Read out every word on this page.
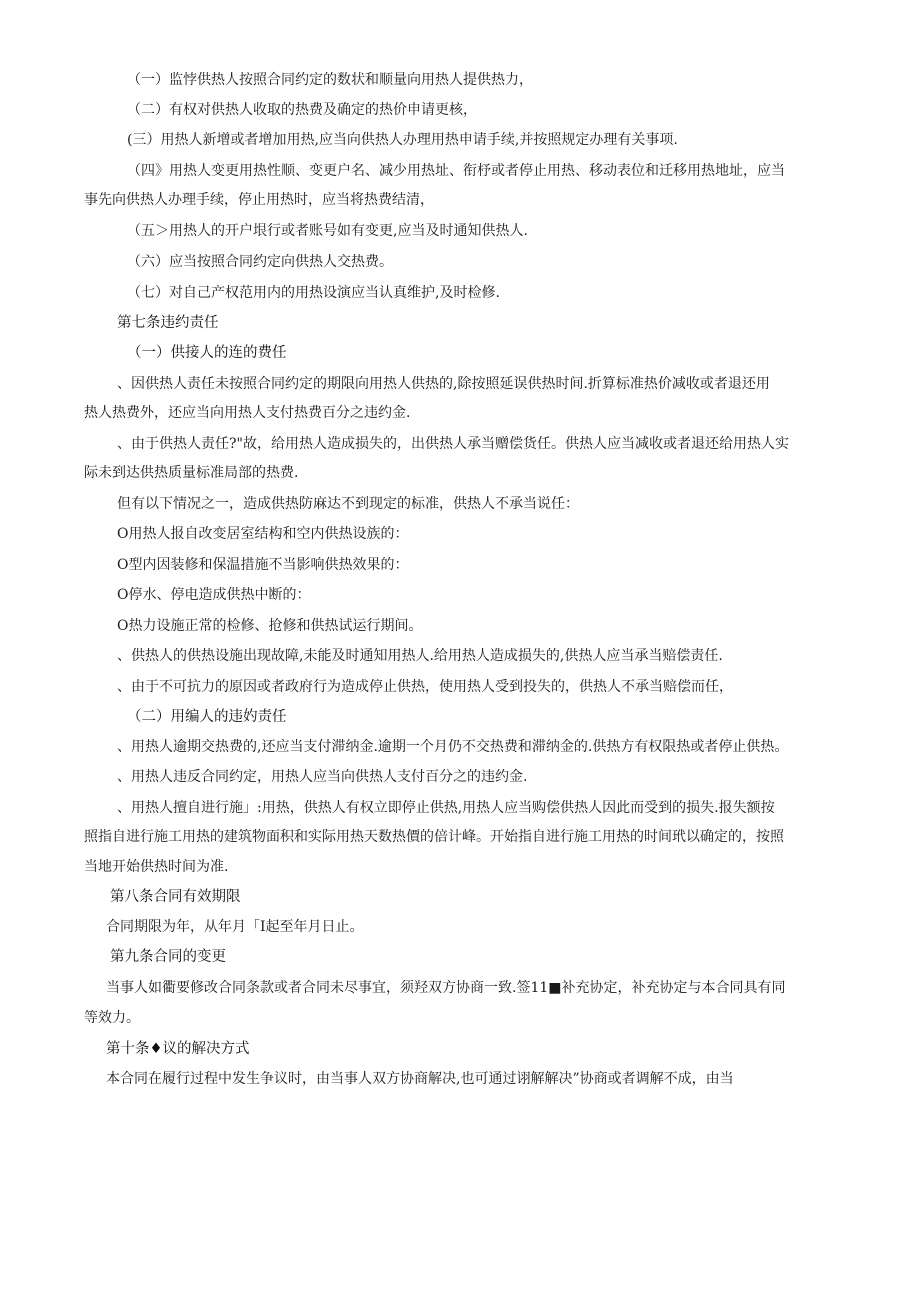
（一）监悖供热人按照合同约定的数状和顺量向用热人提供热力，
（二）有权对供热人收取的热费及确定的热价申请更核，
(三）用热人新增或者增加用热,应当向供热人办理用热申请手续,并按照规定办理有关事项.
（四》用热人变更用热性顺、变更户名、减少用热址、衔杼或者停止用热、移动表位和迁移用热地址，应当
事先向供热人办理手续，停止用热时，应当将热费结清，
（五＞用热人的开户垠行或者账号如有变更,应当及时通知供热人.
（六）应当按照合同约定向供热人交热费。
（七）对自己产权范用内的用热设演应当认真维护,及时检修.
第七条违约责任
（一）供接人的连的费任
、因供热人责任未按照合同约定的期限向用热人供热的,除按照延误供热时间.折算标准热价减收或者退还用
热人热费外，还应当向用热人支付热费百分之违约金.
、由于供热人责任?"故，给用热人造成损失的，出供热人承当赠偿货任。供热人应当减收或者退还给用热人实
际未到达供热质量标准局部的热费.
但有以下情况之一，造成供热防麻达不到现定的标准，供热人不承当说任：
O用热人报自改变居室结构和空内供热设族的：
O型内因装修和保温措施不当影响供热效果的：
O停水、停电造成供热中断的：
O热力设施正常的检修、抢修和供热试运行期间。
、供热人的供热设施出现故障,未能及时通知用热人.给用热人造成损失的,供热人应当承当赔偿责任.
、由于不可抗力的原因或者政府行为造成停止供热，使用热人受到投失的，供热人不承当赔偿而任，
（二）用编人的违妁责任
、用热人逾期交热费的,还应当支付滞纳金.逾期一个月仍不交热费和滞纳金的.供热方有权限热或者停止供热。
、用热人违反合同约定，用热人应当向供热人支付百分之的违约金.
、用热人擅自进行施」:用热，供热人有权立即停止供热,用热人应当购偿供热人因此而受到的损失.报失额按
照指自进行施工用热的建筑物面积和实际用热天数热價的倍计峰。开始指自进行施工用热的时间玳以确定的，按照
当地开始供热时间为准.
第八条合同有效期限
合同期限为年，从年月「I起至年月日止。
第九条合同的变更
当事人如衢要修改合同条款或者合同未尽事宜，须羟双方协商一致.签11■补充协定，补充协定与本合同具有同
等效力。
第十条♦议的解决方式
本合同在履行过程中发生争议时，由当事人双方协商解决,也可通过诩解解决”协商或者调解不成，由当
